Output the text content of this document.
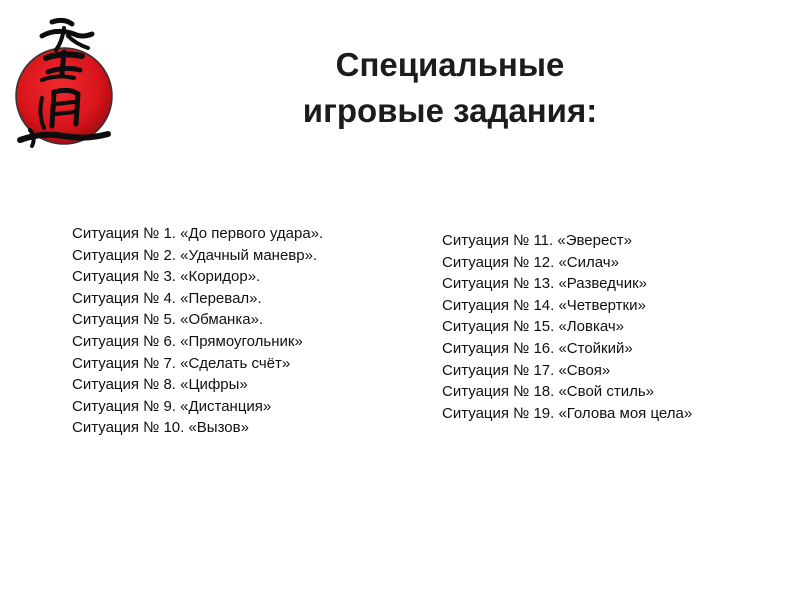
Специальные
игровые задания:
Ситуация № 1. «До первого удара».
Ситуация № 2. «Удачный маневр».
Ситуация № 3. «Коридор».
Ситуация № 4. «Перевал».
Ситуация № 5. «Обманка».
Ситуация № 6. «Прямоугольник»
Ситуация № 7. «Сделать счёт»
Ситуация № 8. «Цифры»
Ситуация № 9. «Дистанция»
Ситуация № 10. «Вызов»
Ситуация № 11. «Эверест»
Ситуация № 12. «Силач»
Ситуация № 13. «Разведчик»
Ситуация № 14. «Четвертки»
Ситуация № 15. «Ловкач»
Ситуация № 16. «Стойкий»
Ситуация № 17. «Своя»
Ситуация № 18. «Свой стиль»
Ситуация № 19. «Голова моя цела»
